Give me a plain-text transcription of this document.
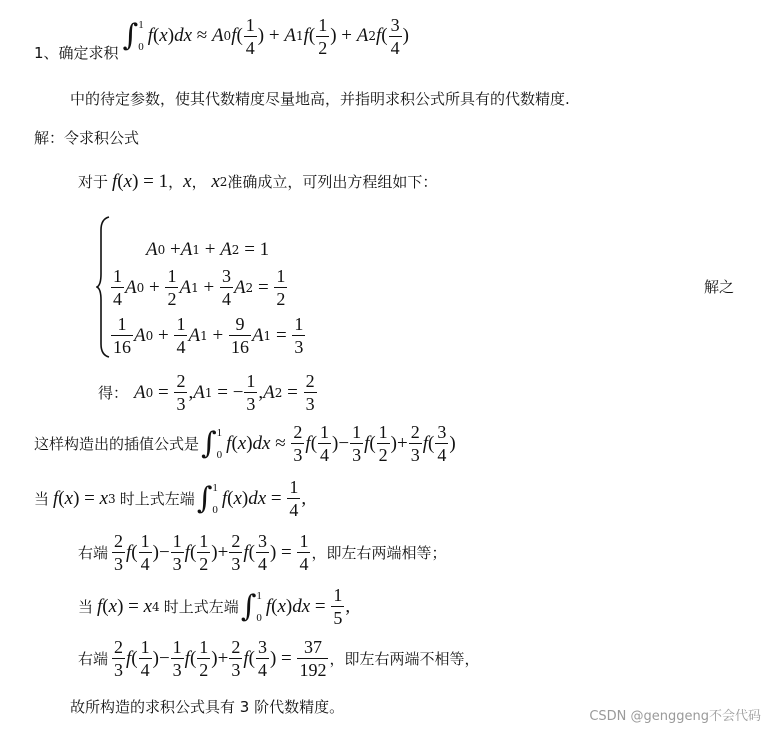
1、确定求积 ∫ 1
0
f ( x ) dx ≈ A 0 f ( $\frac{1}{4}$ ) + A 1 f ( $\frac{1}{2}$ ) + A 2 f ( $\frac{3}{4}$ )
中的待定参数，使其代数精度尽量地高，并指明求积公式所具有的代数精度.
解：令求积公式
对于 f ( x ) = 1 ， x ， x 2 准确成立，可列出方程组如下：
A 0 + A 1 + A 2 = 1
$\frac{1}{4}$ A $0 + \frac{1}{2}$ A $1 + \frac{3}{4}$ A $2 = \frac{1}{2}$
$\frac{1}{16}$ A $0 + \frac{1}{4}$ A $1 + \frac{9}{16}$ A $1 = \frac{1}{3}$
解之
得： A $0 = \frac{2}{3}$ , A 1 = − $\frac{1}{3}$ , A $2 = \frac{2}{3}$
这样构造出的插值公式是 ∫ 1
0
f ( x ) dx ≈ $\frac{2}{3}$ f ( $\frac{1}{4}$ ) − $\frac{1}{3}$ f ( $\frac{1}{2}$ ) + $\frac{2}{3}$ f ( $\frac{3}{4}$ )
当 f ( x ) = x 3 时上式左端 ∫ 1
0
f ( x ) dx = $\frac{1}{4}$ ,
右端 $\frac{2}{3}$ f ( $\frac{1}{4}$ ) − $\frac{1}{3}$ f ( $\frac{1}{2}$ ) + $\frac{2}{3}$ f ( $\frac{3}{4}$ ) = $\frac{1}{4}$ ，即左右两端相等；
当 f ( x ) = x 4 时上式左端 ∫ 1
0
f ( x ) dx = $\frac{1}{5}$ ,
右端 $\frac{2}{3}$ f ( $\frac{1}{4}$ ) − $\frac{1}{3}$ f ( $\frac{1}{2}$ ) + $\frac{2}{3}$ f ( $\frac{3}{4}$ ) = $\frac{37}{192}$ ，即左右两端不相等，
故所构造的求积公式具有 3 阶代数精度。
CSDN @genggeng不会代码
